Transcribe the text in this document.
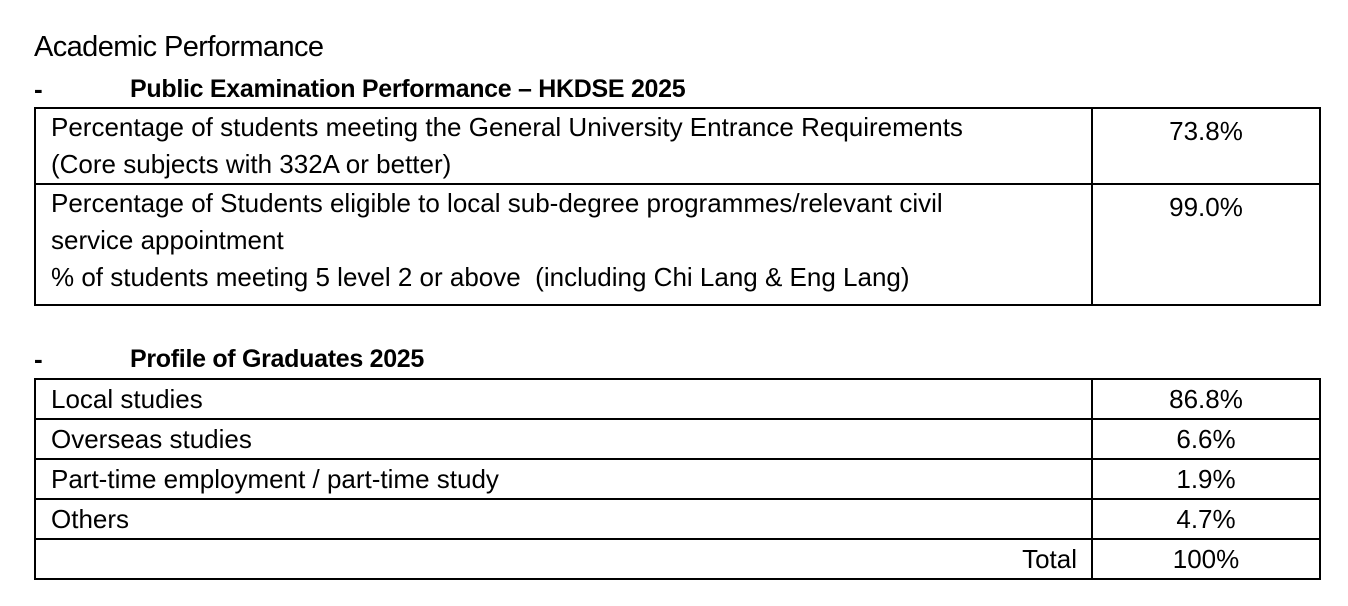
Academic Performance
-	Public Examination Performance – HKDSE 2025
Percentage of students meeting the General University Entrance Requirements
(Core subjects with 332A or better)	73.8%

Percentage of Students eligible to local sub-degree programmes/relevant civil
service appointment
% of students meeting 5 level 2 or above  (including Chi Lang & Eng Lang)	99.0%
-	Profile of Graduates 2025
Local studies	86.8%
Overseas studies	6.6%
Part-time employment / part-time study	1.9%
Others	4.7%
Total	100%
